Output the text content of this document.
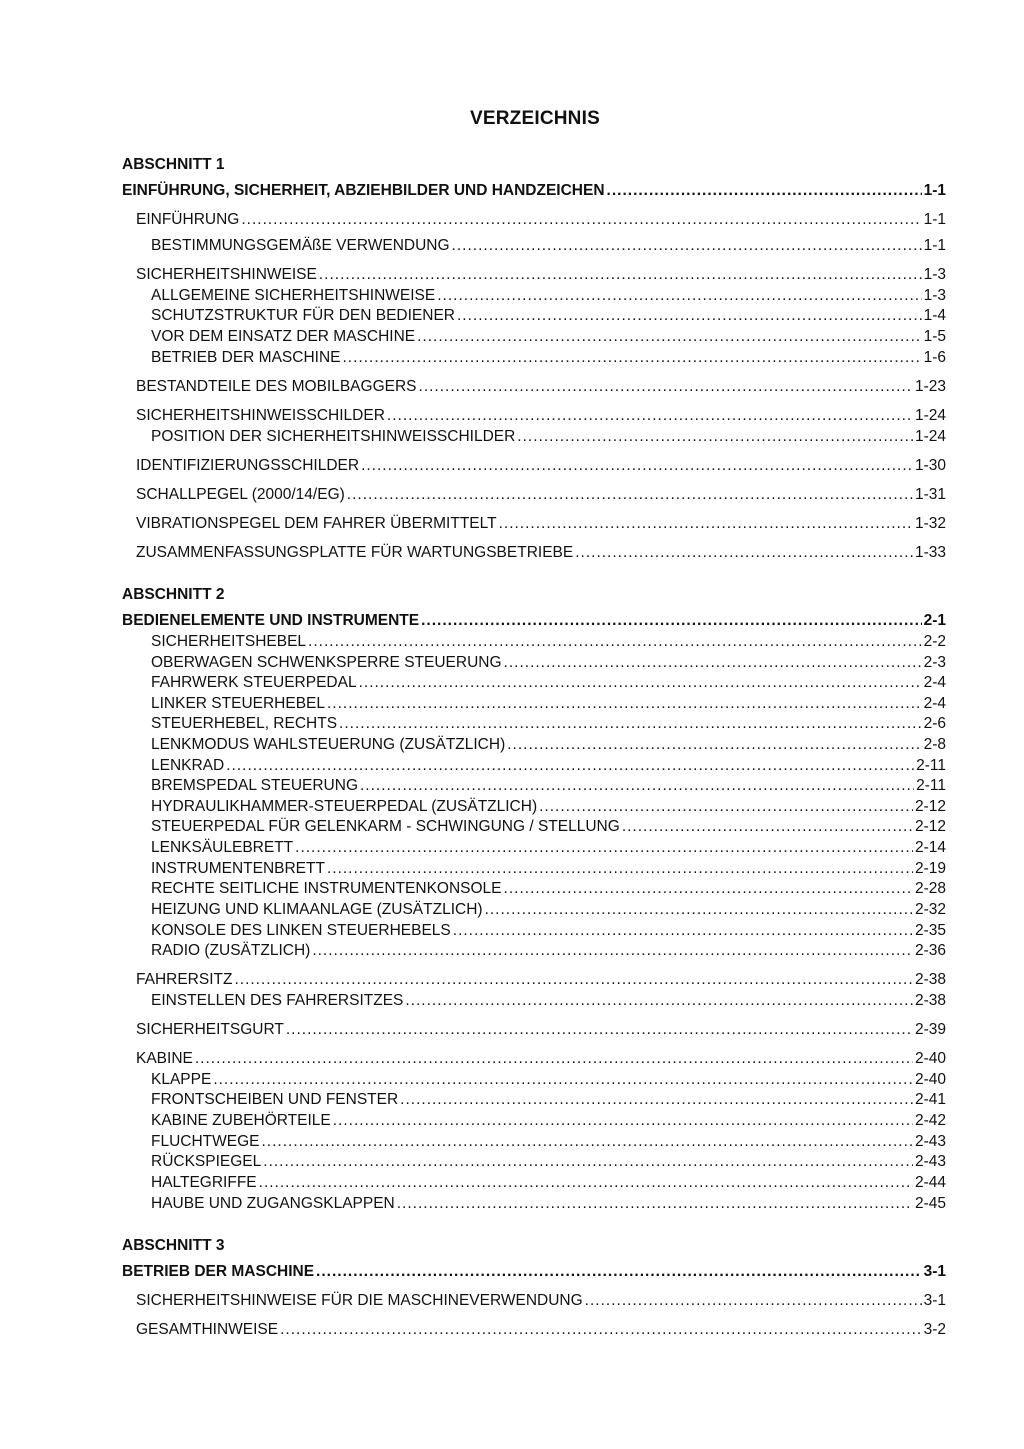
VERZEICHNIS
ABSCHNITT 1
EINFÜHRUNG, SICHERHEIT, ABZIEHBILDER UND HANDZEICHEN .....	1-1
EINFÜHRUNG .....	1-1
BESTIMMUNGSGEMÄßE VERWENDUNG .....	1-1
SICHERHEITSHINWEISE .....	1-3
ALLGEMEINE SICHERHEITSHINWEISE .....	1-3
SCHUTZSTRUKTUR FÜR DEN BEDIENER .....	1-4
VOR DEM EINSATZ DER MASCHINE .....	1-5
BETRIEB DER MASCHINE .....	1-6
BESTANDTEILE DES MOBILBAGGERS .....	1-23
SICHERHEITSHINWEISSCHILDER .....	1-24
POSITION DER SICHERHEITSHINWEISSCHILDER .....	1-24
IDENTIFIZIERUNGSSCHILDER .....	1-30
SCHALLPEGEL (2000/14/EG) .....	1-31
VIBRATIONSPEGEL DEM FAHRER ÜBERMITTELT .....	1-32
ZUSAMMENFASSUNGSPLATTE FÜR WARTUNGSBETRIEBE .....	1-33
ABSCHNITT 2
BEDIENELEMENTE UND INSTRUMENTE .....	2-1
SICHERHEITSHEBEL .....	2-2
OBERWAGEN SCHWENKSPERRE STEUERUNG .....	2-3
FAHRWERK STEUERPEDAL .....	2-4
LINKER STEUERHEBEL .....	2-4
STEUERHEBEL, RECHTS .....	2-6
LENKMODUS WAHLSTEUERUNG (ZUSÄTZLICH) .....	2-8
LENKRAD .....	2-11
BREMSPEDAL STEUERUNG .....	2-11
HYDRAULIKHAMMER-STEUERPEDAL (ZUSÄTZLICH) .....	2-12
STEUERPEDAL FÜR GELENKARM - SCHWINGUNG / STELLUNG .....	2-12
LENKSÄULEBRETT .....	2-14
INSTRUMENTENBRETT .....	2-19
RECHTE SEITLICHE INSTRUMENTENKONSOLE .....	2-28
HEIZUNG UND KLIMAANLAGE (ZUSÄTZLICH) .....	2-32
KONSOLE DES LINKEN STEUERHEBELS .....	2-35
RADIO (ZUSÄTZLICH) .....	2-36
FAHRERSITZ .....	2-38
EINSTELLEN DES FAHRERSITZES .....	2-38
SICHERHEITSGURT .....	2-39
KABINE .....	2-40
KLAPPE .....	2-40
FRONTSCHEIBEN UND FENSTER .....	2-41
KABINE ZUBEHÖRTEILE .....	2-42
FLUCHTWEGE .....	2-43
RÜCKSPIEGEL .....	2-43
HALTEGRIFFE .....	2-44
HAUBE UND ZUGANGSKLAPPEN .....	2-45
ABSCHNITT 3
BETRIEB DER MASCHINE .....	3-1
SICHERHEITSHINWEISE FÜR DIE MASCHINEVERWENDUNG .....	3-1
GESAMTHINWEISE .....	3-2
